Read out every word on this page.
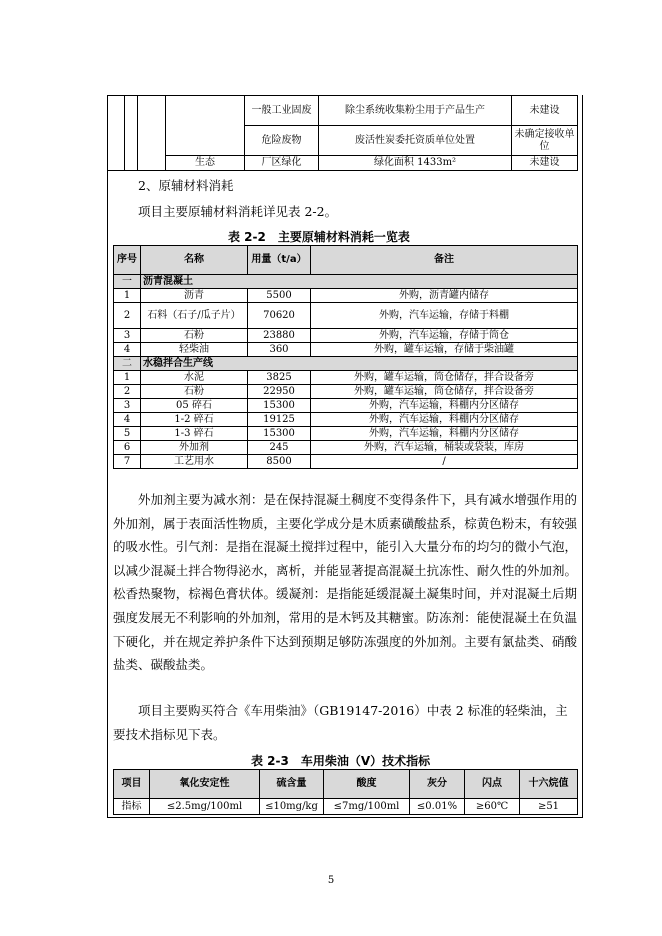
				一般工业固废	除尘系统收集粉尘用于产品生产	未建设
				危险废物	废活性炭委托资质单位处置	未确定接收单位
			生态	厂区绿化	绿化面积 1433m²	未建设
2、原辅材料消耗
项目主要原辅材料消耗详见表 2-2。
表 2-2　主要原辅材料消耗一览表
序号	名称	用量（t/a）	备注
一	沥青混凝土		
1	沥青	5500	外购，沥青罐内储存
2	石料（石子/瓜子片）	70620	外购，汽车运输，存储于料棚
3	石粉	23880	外购，汽车运输，存储于筒仓
4	轻柴油	360	外购，罐车运输，存储于柴油罐
二	水稳拌合生产线		
1	水泥	3825	外购，罐车运输，筒仓储存，拌合设备旁
2	石粉	22950	外购，罐车运输，筒仓储存，拌合设备旁
3	05 碎石	15300	外购，汽车运输，料棚内分区储存
4	1-2 碎石	19125	外购，汽车运输，料棚内分区储存
5	1-3 碎石	15300	外购，汽车运输，料棚内分区储存
6	外加剂	245	外购，汽车运输，桶装或袋装，库房
7	工艺用水	8500	/

外加剂主要为减水剂：是在保持混凝土稠度不变得条件下，具有减水增强作用的外加剂，属于表面活性物质，主要化学成分是木质素磺酸盐系，棕黄色粉末，有较强的吸水性。引气剂：是指在混凝土搅拌过程中，能引入大量分布的均匀的微小气泡，以减少混凝土拌合物得泌水，离析，并能显著提高混凝土抗冻性、耐久性的外加剂。松香热聚物，棕褐色膏状体。缓凝剂：是指能延缓混凝土凝集时间，并对混凝土后期强度发展无不利影响的外加剂，常用的是木钙及其糖蜜。防冻剂：能使混凝土在负温下硬化，并在规定养护条件下达到预期足够防冻强度的外加剂。主要有氯盐类、硝酸盐类、碳酸盐类。

项目主要购买符合《车用柴油》（GB19147-2016）中表 2 标准的轻柴油，主
要技术指标见下表。
表 2-3　车用柴油（V）技术指标
项目	氧化安定性	硫含量	酸度	灰分	闪点	十六烷值
指标	≤2.5mg/100ml	≤10mg/kg	≤7mg/100ml	≤0.01%	≥60℃	≥51
5
